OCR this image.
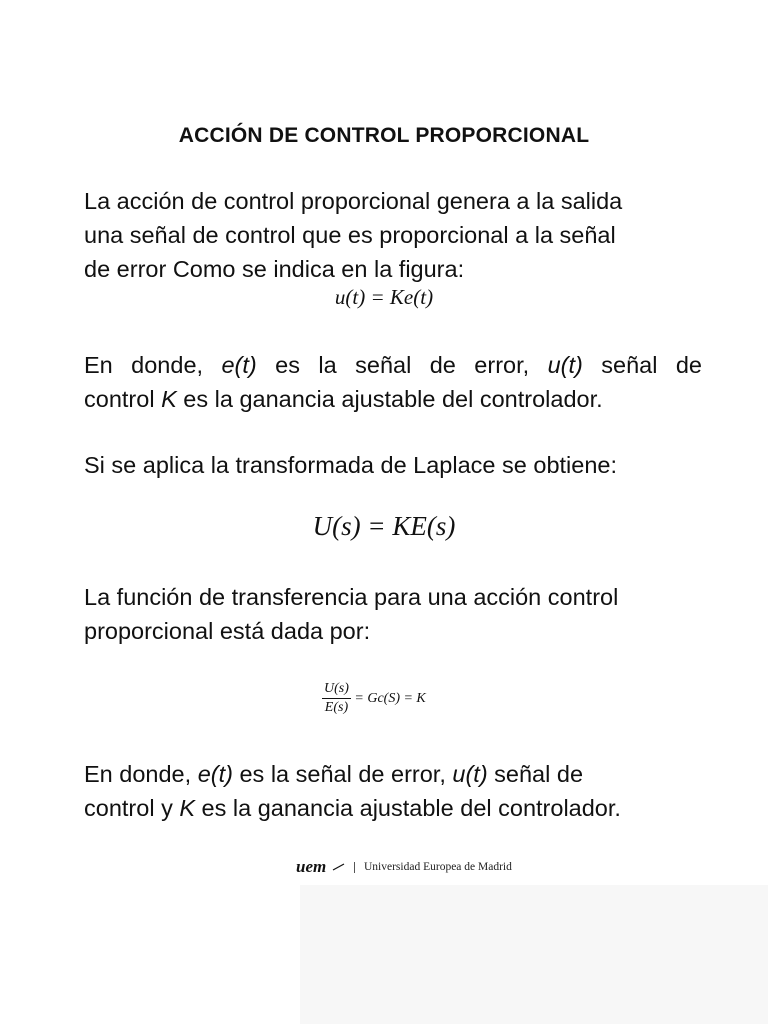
ACCIÓN DE CONTROL PROPORCIONAL
La acción de control proporcional genera a la salida
una señal de control que es proporcional a la señal
de error Como se indica en la figura:
u(t) = Ke(t)
En donde, e(t) es la señal de error, u(t) señal de
control K es la ganancia ajustable del controlador.
Si se aplica la transformada de Laplace se obtiene:
U(s) = KE(s)
La función de transferencia para una acción control
proporcional está dada por:
$\frac{U(s)}{E(s)} = Gc(S) = K$
En donde, e(t) es la señal de error, u(t) señal de
control y K es la ganancia ajustable del controlador.
uem	Universidad Europea de Madrid
